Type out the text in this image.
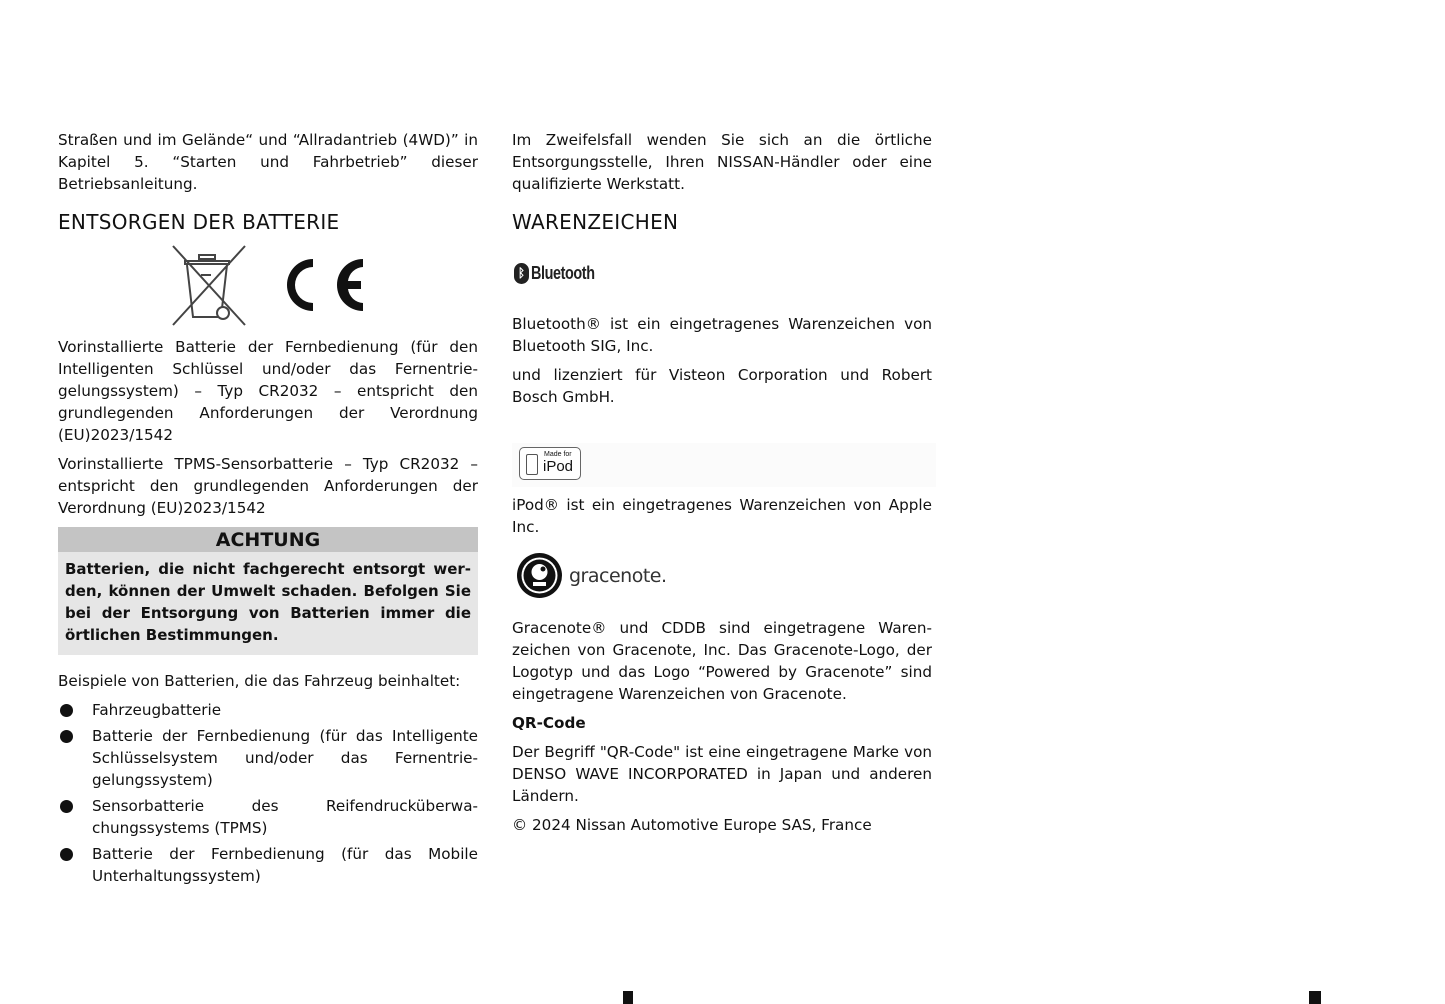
Straßen und im Gelände“ und “Allradantrieb (4WD)” in Kapitel 5. “Starten und Fahrbetrieb” dieser Betriebsanleitung.

ENTSORGEN DER BATTERIE

Vorinstallierte Batterie der Fernbedienung (für den Intelligenten Schlüssel und/oder das Fernentriegelungssystem) – Typ CR2032 – entspricht den grundlegenden Anforderungen der Verordnung (EU)2023/1542

Vorinstallierte TPMS-Sensorbatterie – Typ CR2032 – entspricht den grundlegenden Anforderungen der Verordnung (EU)2023/1542

ACHTUNG
Batterien, die nicht fachgerecht entsorgt werden, können der Umwelt schaden. Befolgen Sie bei der Entsorgung von Batterien immer die örtlichen Bestimmungen.

Beispiele von Batterien, die das Fahrzeug beinhaltet:

Fahrzeugbatterie
Batterie der Fernbedienung (für das Intelligente Schlüsselsystem und/oder das Fernentriegelungssystem)
Sensorbatterie des Reifendrucküberwachungssystems (TPMS)
Batterie der Fernbedienung (für das Mobile Unterhaltungssystem)

Im Zweifelsfall wenden Sie sich an die örtliche Entsorgungsstelle, Ihren NISSAN-Händler oder eine qualifizierte Werkstatt.

WARENZEICHEN
ᛒ Bluetooth

Bluetooth® ist ein eingetragenes Warenzeichen von Bluetooth SIG, Inc.

und lizenziert für Visteon Corporation und Robert Bosch GmbH.

Made for
iPod

iPod® ist ein eingetragenes Warenzeichen von Apple Inc.

gracenote.

Gracenote® und CDDB sind eingetragene Warenzeichen von Gracenote, Inc. Das Gracenote-Logo, der Logotyp und das Logo “Powered by Gracenote” sind eingetragene Warenzeichen von Gracenote.

QR-Code

Der Begriff "QR-Code" ist eine eingetragene Marke von DENSO WAVE INCORPORATED in Japan und anderen Ländern.

© 2024 Nissan Automotive Europe SAS, France
